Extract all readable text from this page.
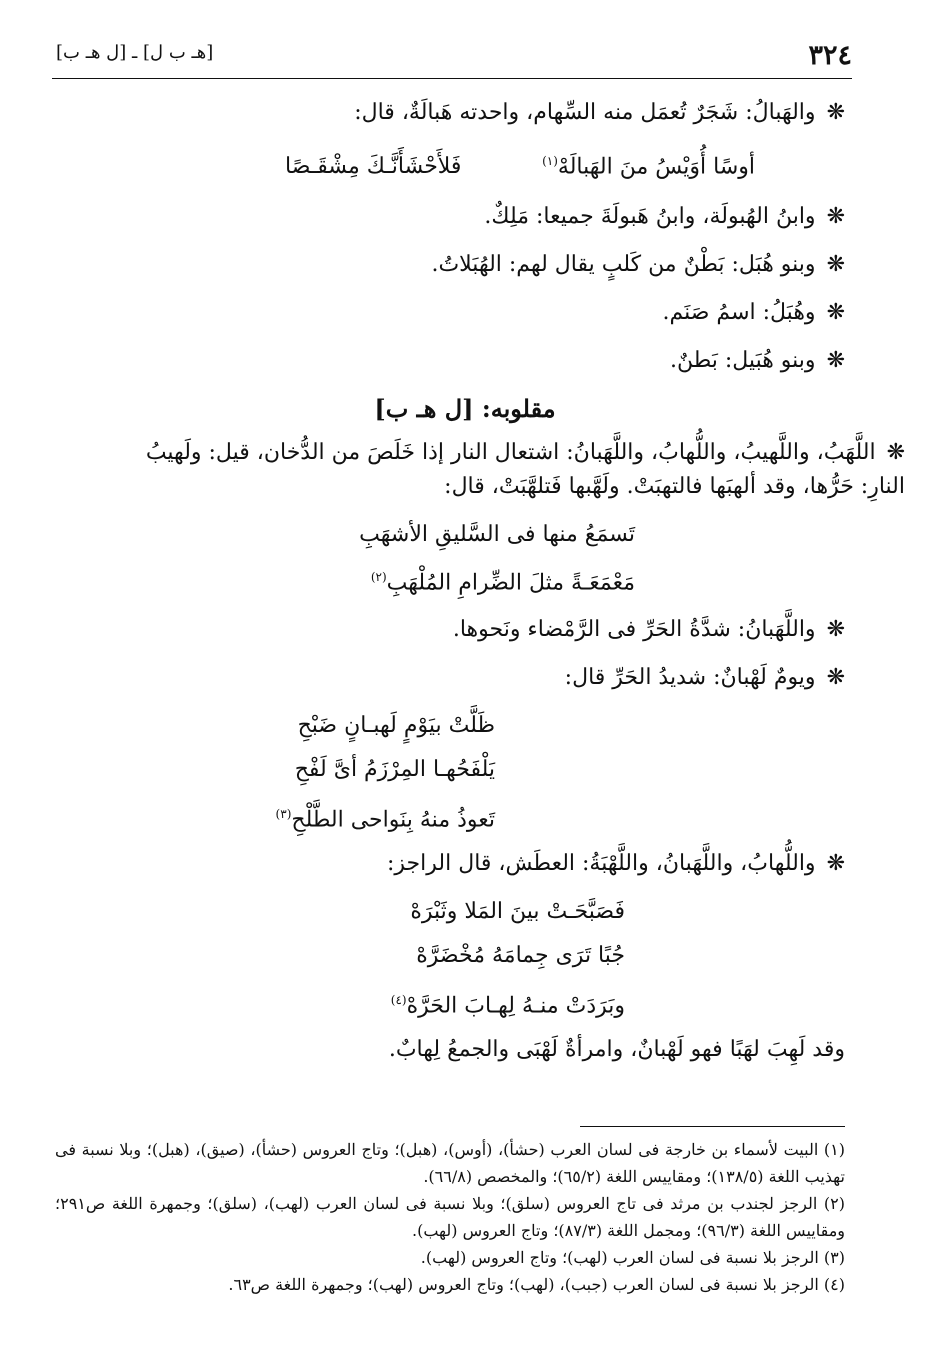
٣٢٤
[هـ ب ل] ـ [ل هـ ب]

❋ والهَبالُ: شَجَرٌ تُعمَل منه السِّهام، واحدته هَبالَةٌ، قال:

أوسًا أُوَيْسُ منَ الهَبالَهْ$^{(١)}$
فَلأَحْشَأَنَّـكَ مِشْقَـصًا

❋ وابنُ الهُبولَة، وابنُ هَبولَةَ جميعا: مَلِكٌ.

❋ وبنو هُبَل: بَطْنٌ من كَلبٍ يقال لهم: الهُبَلاتُ.

❋ وهُبَلُ: اسمُ صَنَم.

❋ وبنو هُبَيل: بَطنٌ.

مقلوبه: [ل هـ ب]

❋ اللَّهَبُ، واللَّهيبُ، واللُّهابُ، واللَّهَبانُ: اشتعال النار إذا خَلَصَ من الدُّخان، قيل: ولَهيبُ النارِ: حَرُّها، وقد ألهبَها فالتهبَتْ. ولَهَّبها فَتلهَّبَتْ، قال:

تَسمَعُ منها فى السَّليقِ الأشهَبِ
مَعْمَعَـةً مثلَ الضِّرامِ المُلْهَبِ$^{(٢)}$

❋ واللَّهَبانُ: شدَّةُ الحَرِّ فى الرَّمْضاء ونَحوها.

❋ ويومٌ لَهْبانٌ: شديدُ الحَرِّ قال:

ظَلَّتْ بيَوْمٍ لَهبـانٍ ضَبْحِ
يَلْفَحُهـا المِرْزَمُ أىَّ لَفْحِ
تَعوذُ منهُ بِنَواحى الطَّلْحِ$^{(٣)}$

❋ واللُّهابُ، واللَّهَبانُ، واللَّهْبَةُ: العطَش، قال الراجز:

فَصَبَّحَـتْ بينَ المَلا وثَبْرَهْ
جُبًا تَرَى جِمامَهُ مُخْضَرَّهْ
وبَرَدَتْ منـهُ لِهـابَ الحَرَّهْ$^{(٤)}$

وقد لَهِبَ لهَبًا فهو لَهْبانٌ، وامرأةٌ لَهْبَى والجمعُ لِهابٌ.

(١) البيت لأسماء بن خارجة فى لسان العرب (حشأ)، (أوس)، (هبل)؛ وتاج العروس (حشأ)، (صيق)، (هبل)؛ وبلا نسبة فى تهذيب اللغة (١٣٨/٥)؛ ومقاييس اللغة (٦٥/٢)؛ والمخصص (٦٦/٨).

(٢) الرجز لجندب بن مرثد فى تاج العروس (سلق)؛ وبلا نسبة فى لسان العرب (لهب)، (سلق)؛ وجمهرة اللغة ص٢٩١؛ ومقاييس اللغة (٩٦/٣)؛ ومجمل اللغة (٨٧/٣)؛ وتاج العروس (لهب).

(٣) الرجز بلا نسبة فى لسان العرب (لهب)؛ وتاج العروس (لهب).

(٤) الرجز بلا نسبة فى لسان العرب (جبب)، (لهب)؛ وتاج العروس (لهب)؛ وجمهرة اللغة ص٦٣.
